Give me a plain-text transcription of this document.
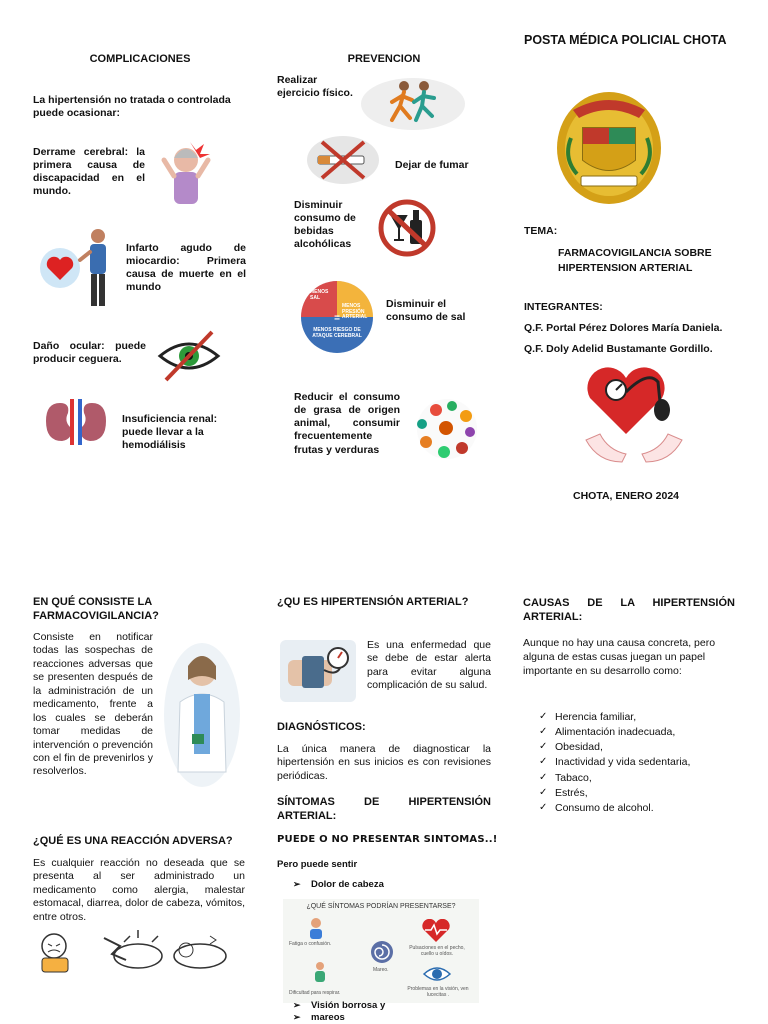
COMPLICACIONES
La hipertensión no tratada o controlada puede ocasionar:
Derrame cerebral: la primera causa de discapacidad en el mundo.
Infarto agudo de miocardio: Primera causa de muerte en el mundo
Daño ocular: puede producir ceguera.
Insuficiencia renal: puede llevar a la hemodiálisis
PREVENCION
Realizar ejercicio físico.
Dejar de fumar
Disminuir consumo de bebidas alcohólicas
=
MENOS SAL
MENOS PRESIÓN ARTERIAL
MENOS RIESGO DE ATAQUE CEREBRAL
Disminuir el consumo de sal
Reducir el consumo de grasa de origen animal, consumir frecuentemente frutas y verduras
POSTA MÉDICA POLICIAL CHOTA
TEMA:
FARMACOVIGILANCIA SOBRE HIPERTENSION ARTERIAL
INTEGRANTES:
Q.F. Portal Pérez Dolores María Daniela.
Q.F. Doly Adelid Bustamante Gordillo.
CHOTA, ENERO 2024
EN QUÉ CONSISTE LA FARMACOVIGILANCIA?
Consiste en notificar todas las sospechas de reacciones adversas que se presenten después de la administración de un medicamento, frente a los cuales se deberán tomar medidas de intervención o prevención con el fin de prevenirlos y resolverlos.
¿QUÉ ES UNA REACCIÓN ADVERSA?
Es cualquier reacción no deseada que se presenta al ser administrado un medicamento como alergia, malestar estomacal, diarrea, dolor de cabeza, vómitos, entre otros.
¿QU ES HIPERTENSIÓN ARTERIAL?
Es una enfermedad que se debe de estar alerta para evitar alguna complicación de su salud.
DIAGNÓSTICOS:
La única manera de diagnosticar la hipertensión en sus inicios es con revisiones periódicas.
SÍNTOMAS DE HIPERTENSIÓN ARTERIAL:
PUEDE O NO PRESENTAR SINTOMAS..!
Pero puede sentir
➢ Dolor de cabeza
¿QUÉ SÍNTOMAS PODRÍAN PRESENTARSE?
Fatiga o confusión.
Pulsaciones en el pecho, cuello u oídos.
Mareo.
Dificultad para respirar.
Problemas en la visión, ven lucecitas .
➢ Visión borrosa y
➢ mareos
CAUSAS DE LA HIPERTENSIÓN ARTERIAL:
Aunque no hay una causa concreta, pero alguna de estas cusas juegan un papel importante en su desarrollo como:
✓ Herencia familiar,
✓ Alimentación inadecuada,
✓ Obesidad,
✓ Inactividad y vida sedentaria,
✓ Tabaco,
✓ Estrés,
✓ Consumo de alcohol.
